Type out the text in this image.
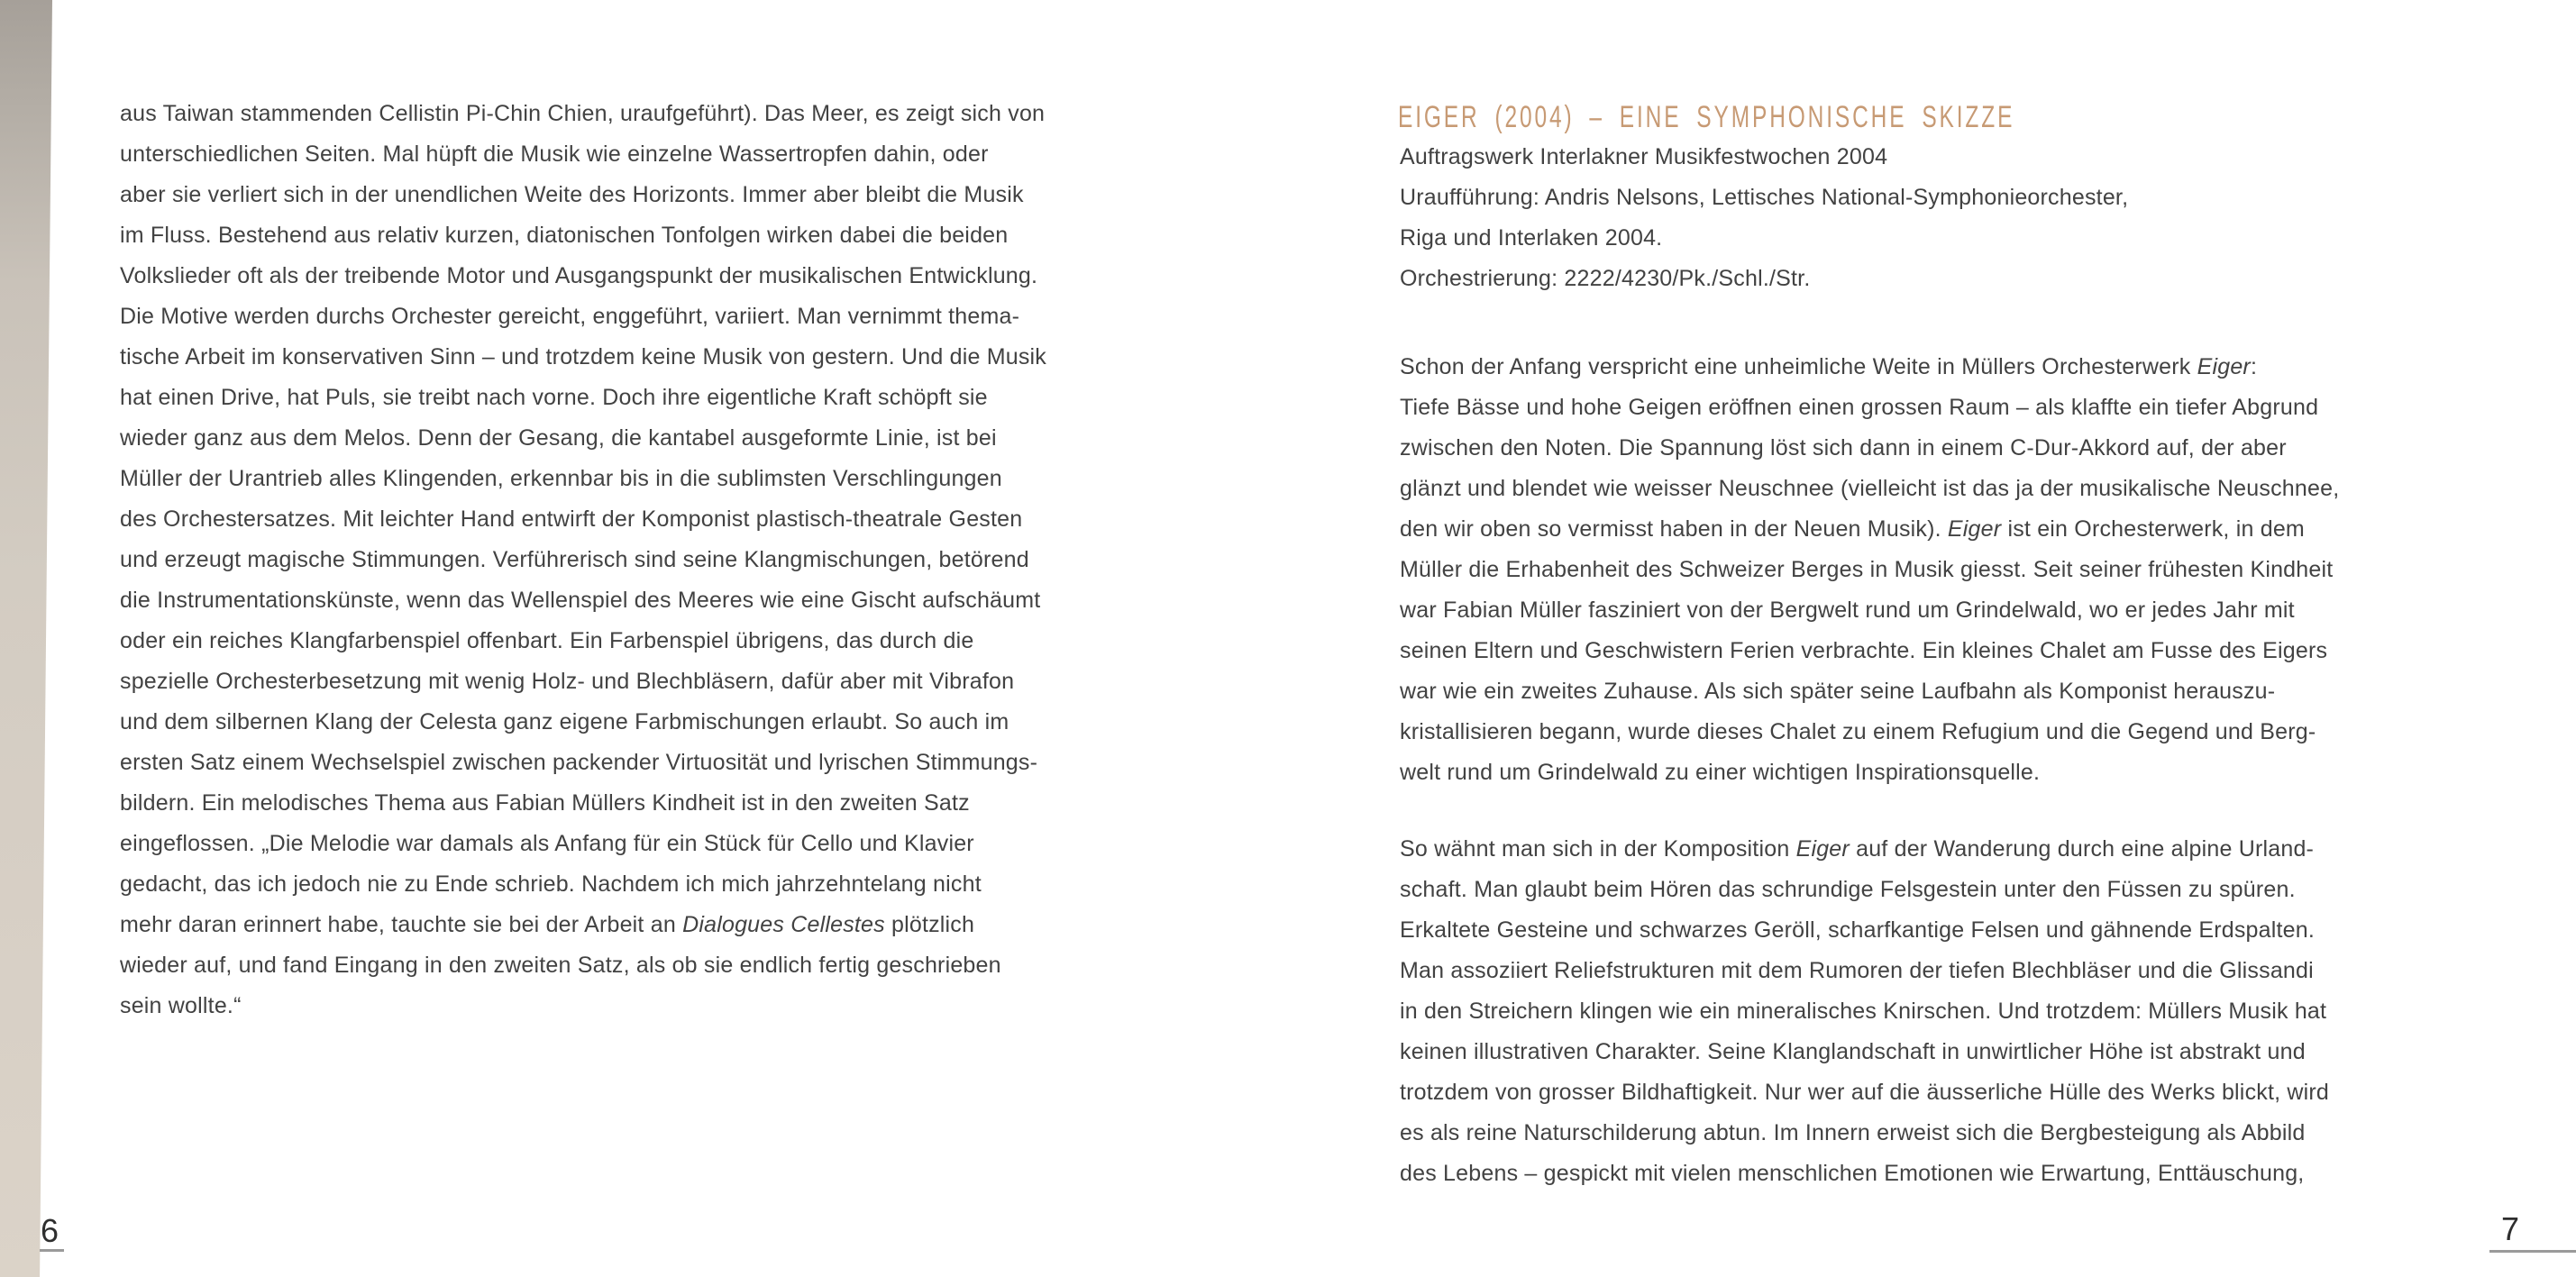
aus Taiwan stammenden Cellistin Pi-Chin Chien, uraufgeführt). Das Meer, es zeigt sich von
unterschiedlichen Seiten. Mal hüpft die Musik wie einzelne Wassertropfen dahin, oder
aber sie verliert sich in der unendlichen Weite des Horizonts. Immer aber bleibt die Musik
im Fluss. Bestehend aus relativ kurzen, diatonischen Tonfolgen wirken dabei die beiden
Volkslieder oft als der treibende Motor und Ausgangspunkt der musikalischen Entwicklung.
Die Motive werden durchs Orchester gereicht, enggeführt, variiert. Man vernimmt thema-
tische Arbeit im konservativen Sinn – und trotzdem keine Musik von gestern. Und die Musik
hat einen Drive, hat Puls, sie treibt nach vorne. Doch ihre eigentliche Kraft schöpft sie
wieder ganz aus dem Melos. Denn der Gesang, die kantabel ausgeformte Linie, ist bei
Müller der Urantrieb alles Klingenden, erkennbar bis in die sublimsten Verschlingungen
des Orchestersatzes. Mit leichter Hand entwirft der Komponist plastisch-theatrale Gesten
und erzeugt magische Stimmungen. Verführerisch sind seine Klangmischungen, betörend
die Instrumentationskünste, wenn das Wellenspiel des Meeres wie eine Gischt aufschäumt
oder ein reiches Klangfarbenspiel offenbart. Ein Farbenspiel übrigens, das durch die
spezielle Orchesterbesetzung mit wenig Holz- und Blechbläsern, dafür aber mit Vibrafon
und dem silbernen Klang der Celesta ganz eigene Farbmischungen erlaubt. So auch im
ersten Satz einem Wechselspiel zwischen packender Virtuosität und lyrischen Stimmungs-
bildern. Ein melodisches Thema aus Fabian Müllers Kindheit ist in den zweiten Satz
eingeflossen. „Die Melodie war damals als Anfang für ein Stück für Cello und Klavier
gedacht, das ich jedoch nie zu Ende schrieb. Nachdem ich mich jahrzehntelang nicht
mehr daran erinnert habe, tauchte sie bei der Arbeit an Dialogues Cellestes plötzlich
wieder auf, und fand Eingang in den zweiten Satz, als ob sie endlich fertig geschrieben
sein wollte.“
6
EIGER (2004) – EINE SYMPHONISCHE SKIZZE
Auftragswerk Interlakner Musikfestwochen 2004
Uraufführung: Andris Nelsons, Lettisches National-Symphonieorchester,
Riga und Interlaken 2004.
Orchestrierung: 2222/4230/Pk./Schl./Str.
Schon der Anfang verspricht eine unheimliche Weite in Müllers Orchesterwerk Eiger:
Tiefe Bässe und hohe Geigen eröffnen einen grossen Raum – als klaffte ein tiefer Abgrund
zwischen den Noten. Die Spannung löst sich dann in einem C-Dur-Akkord auf, der aber
glänzt und blendet wie weisser Neuschnee (vielleicht ist das ja der musikalische Neuschnee,
den wir oben so vermisst haben in der Neuen Musik). Eiger ist ein Orchesterwerk, in dem
Müller die Erhabenheit des Schweizer Berges in Musik giesst. Seit seiner frühesten Kindheit
war Fabian Müller fasziniert von der Bergwelt rund um Grindelwald, wo er jedes Jahr mit
seinen Eltern und Geschwistern Ferien verbrachte. Ein kleines Chalet am Fusse des Eigers
war wie ein zweites Zuhause. Als sich später seine Laufbahn als Komponist herauszu-
kristallisieren begann, wurde dieses Chalet zu einem Refugium und die Gegend und Berg-
welt rund um Grindelwald zu einer wichtigen Inspirationsquelle.
So wähnt man sich in der Komposition Eiger auf der Wanderung durch eine alpine Urland-
schaft. Man glaubt beim Hören das schrundige Felsgestein unter den Füssen zu spüren.
Erkaltete Gesteine und schwarzes Geröll, scharfkantige Felsen und gähnende Erdspalten.
Man assoziiert Reliefstrukturen mit dem Rumoren der tiefen Blechbläser und die Glissandi
in den Streichern klingen wie ein mineralisches Knirschen. Und trotzdem: Müllers Musik hat
keinen illustrativen Charakter. Seine Klanglandschaft in unwirtlicher Höhe ist abstrakt und
trotzdem von grosser Bildhaftigkeit. Nur wer auf die äusserliche Hülle des Werks blickt, wird
es als reine Naturschilderung abtun. Im Innern erweist sich die Bergbesteigung als Abbild
des Lebens – gespickt mit vielen menschlichen Emotionen wie Erwartung, Enttäuschung,
7
